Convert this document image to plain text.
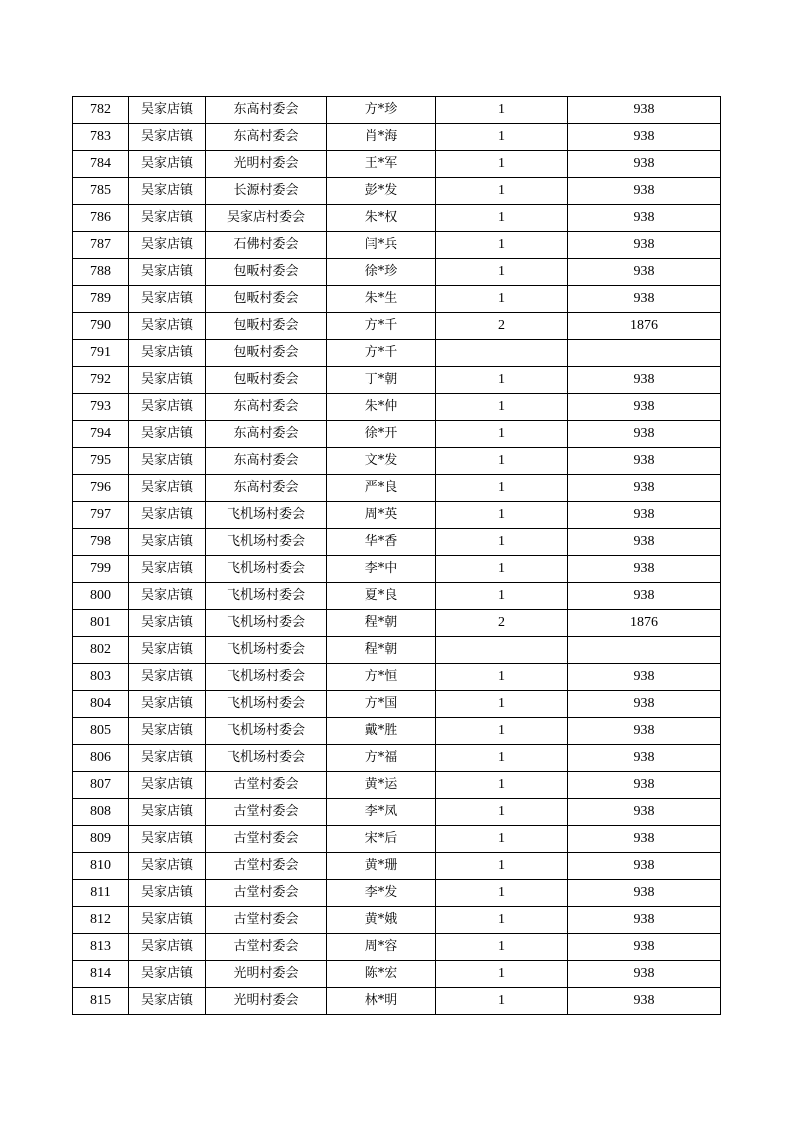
782	吴家店镇	东高村委会	方*珍	1	938
783	吴家店镇	东高村委会	肖*海	1	938
784	吴家店镇	光明村委会	王*军	1	938
785	吴家店镇	长源村委会	彭*发	1	938
786	吴家店镇	吴家店村委会	朱*权	1	938
787	吴家店镇	石佛村委会	闫*兵	1	938
788	吴家店镇	包畈村委会	徐*珍	1	938
789	吴家店镇	包畈村委会	朱*生	1	938
790	吴家店镇	包畈村委会	方*千	2	1876
791	吴家店镇	包畈村委会	方*千		
792	吴家店镇	包畈村委会	丁*朝	1	938
793	吴家店镇	东高村委会	朱*仲	1	938
794	吴家店镇	东高村委会	徐*开	1	938
795	吴家店镇	东高村委会	文*发	1	938
796	吴家店镇	东高村委会	严*良	1	938
797	吴家店镇	飞机场村委会	周*英	1	938
798	吴家店镇	飞机场村委会	华*香	1	938
799	吴家店镇	飞机场村委会	李*中	1	938
800	吴家店镇	飞机场村委会	夏*良	1	938
801	吴家店镇	飞机场村委会	程*朝	2	1876
802	吴家店镇	飞机场村委会	程*朝		
803	吴家店镇	飞机场村委会	方*恒	1	938
804	吴家店镇	飞机场村委会	方*国	1	938
805	吴家店镇	飞机场村委会	戴*胜	1	938
806	吴家店镇	飞机场村委会	方*福	1	938
807	吴家店镇	古堂村委会	黄*运	1	938
808	吴家店镇	古堂村委会	李*凤	1	938
809	吴家店镇	古堂村委会	宋*后	1	938
810	吴家店镇	古堂村委会	黄*珊	1	938
811	吴家店镇	古堂村委会	李*发	1	938
812	吴家店镇	古堂村委会	黄*娥	1	938
813	吴家店镇	古堂村委会	周*容	1	938
814	吴家店镇	光明村委会	陈*宏	1	938
815	吴家店镇	光明村委会	林*明	1	938
